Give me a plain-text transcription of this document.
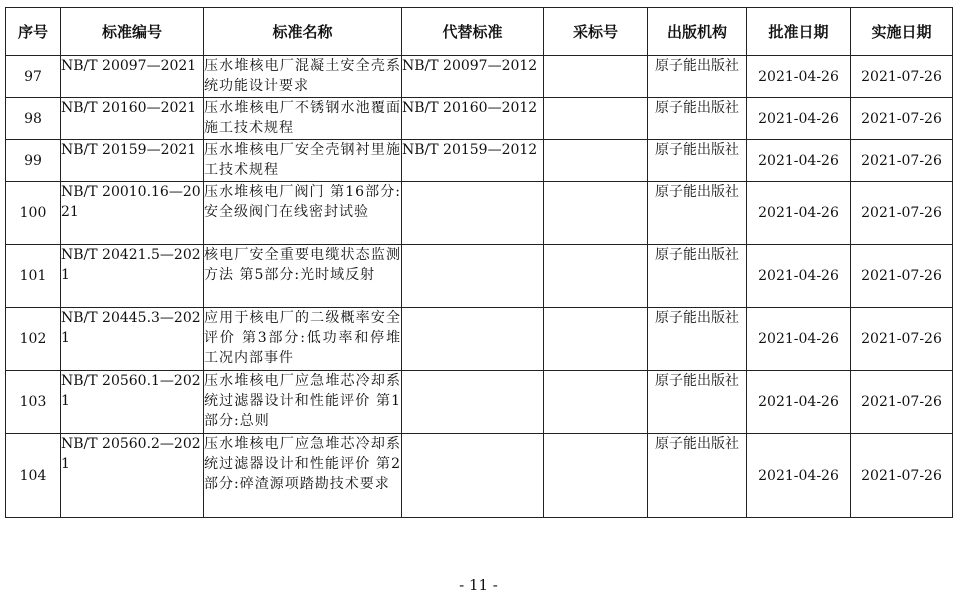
序号	标准编号	标准名称	代替标准	采标号	出版机构	批准日期	实施日期
97	NB/T 20097—2021	压水堆核电厂混凝土安全壳系统功能设计要求	NB/T 20097—2012		原子能出版社	2021-04-26	2021-07-26
98	NB/T 20160—2021	压水堆核电厂不锈钢水池覆面施工技术规程	NB/T 20160—2012		原子能出版社	2021-04-26	2021-07-26
99	NB/T 20159—2021	压水堆核电厂安全壳钢衬里施工技术规程	NB/T 20159—2012		原子能出版社	2021-04-26	2021-07-26
100	NB/T 20010.16—2021	压水堆核电厂阀门 第16部分:安全级阀门在线密封试验			原子能出版社	2021-04-26	2021-07-26
101	NB/T 20421.5—2021	核电厂安全重要电缆状态监测方法 第5部分:光时域反射			原子能出版社	2021-04-26	2021-07-26
102	NB/T 20445.3—2021	应用于核电厂的二级概率安全评价 第3部分:低功率和停堆工况内部事件			原子能出版社	2021-04-26	2021-07-26
103	NB/T 20560.1—2021	压水堆核电厂应急堆芯冷却系统过滤器设计和性能评价 第1部分:总则			原子能出版社	2021-04-26	2021-07-26
104	NB/T 20560.2—2021	压水堆核电厂应急堆芯冷却系统过滤器设计和性能评价 第2部分:碎渣源项踏勘技术要求			原子能出版社	2021-04-26	2021-07-26
- 11 -
